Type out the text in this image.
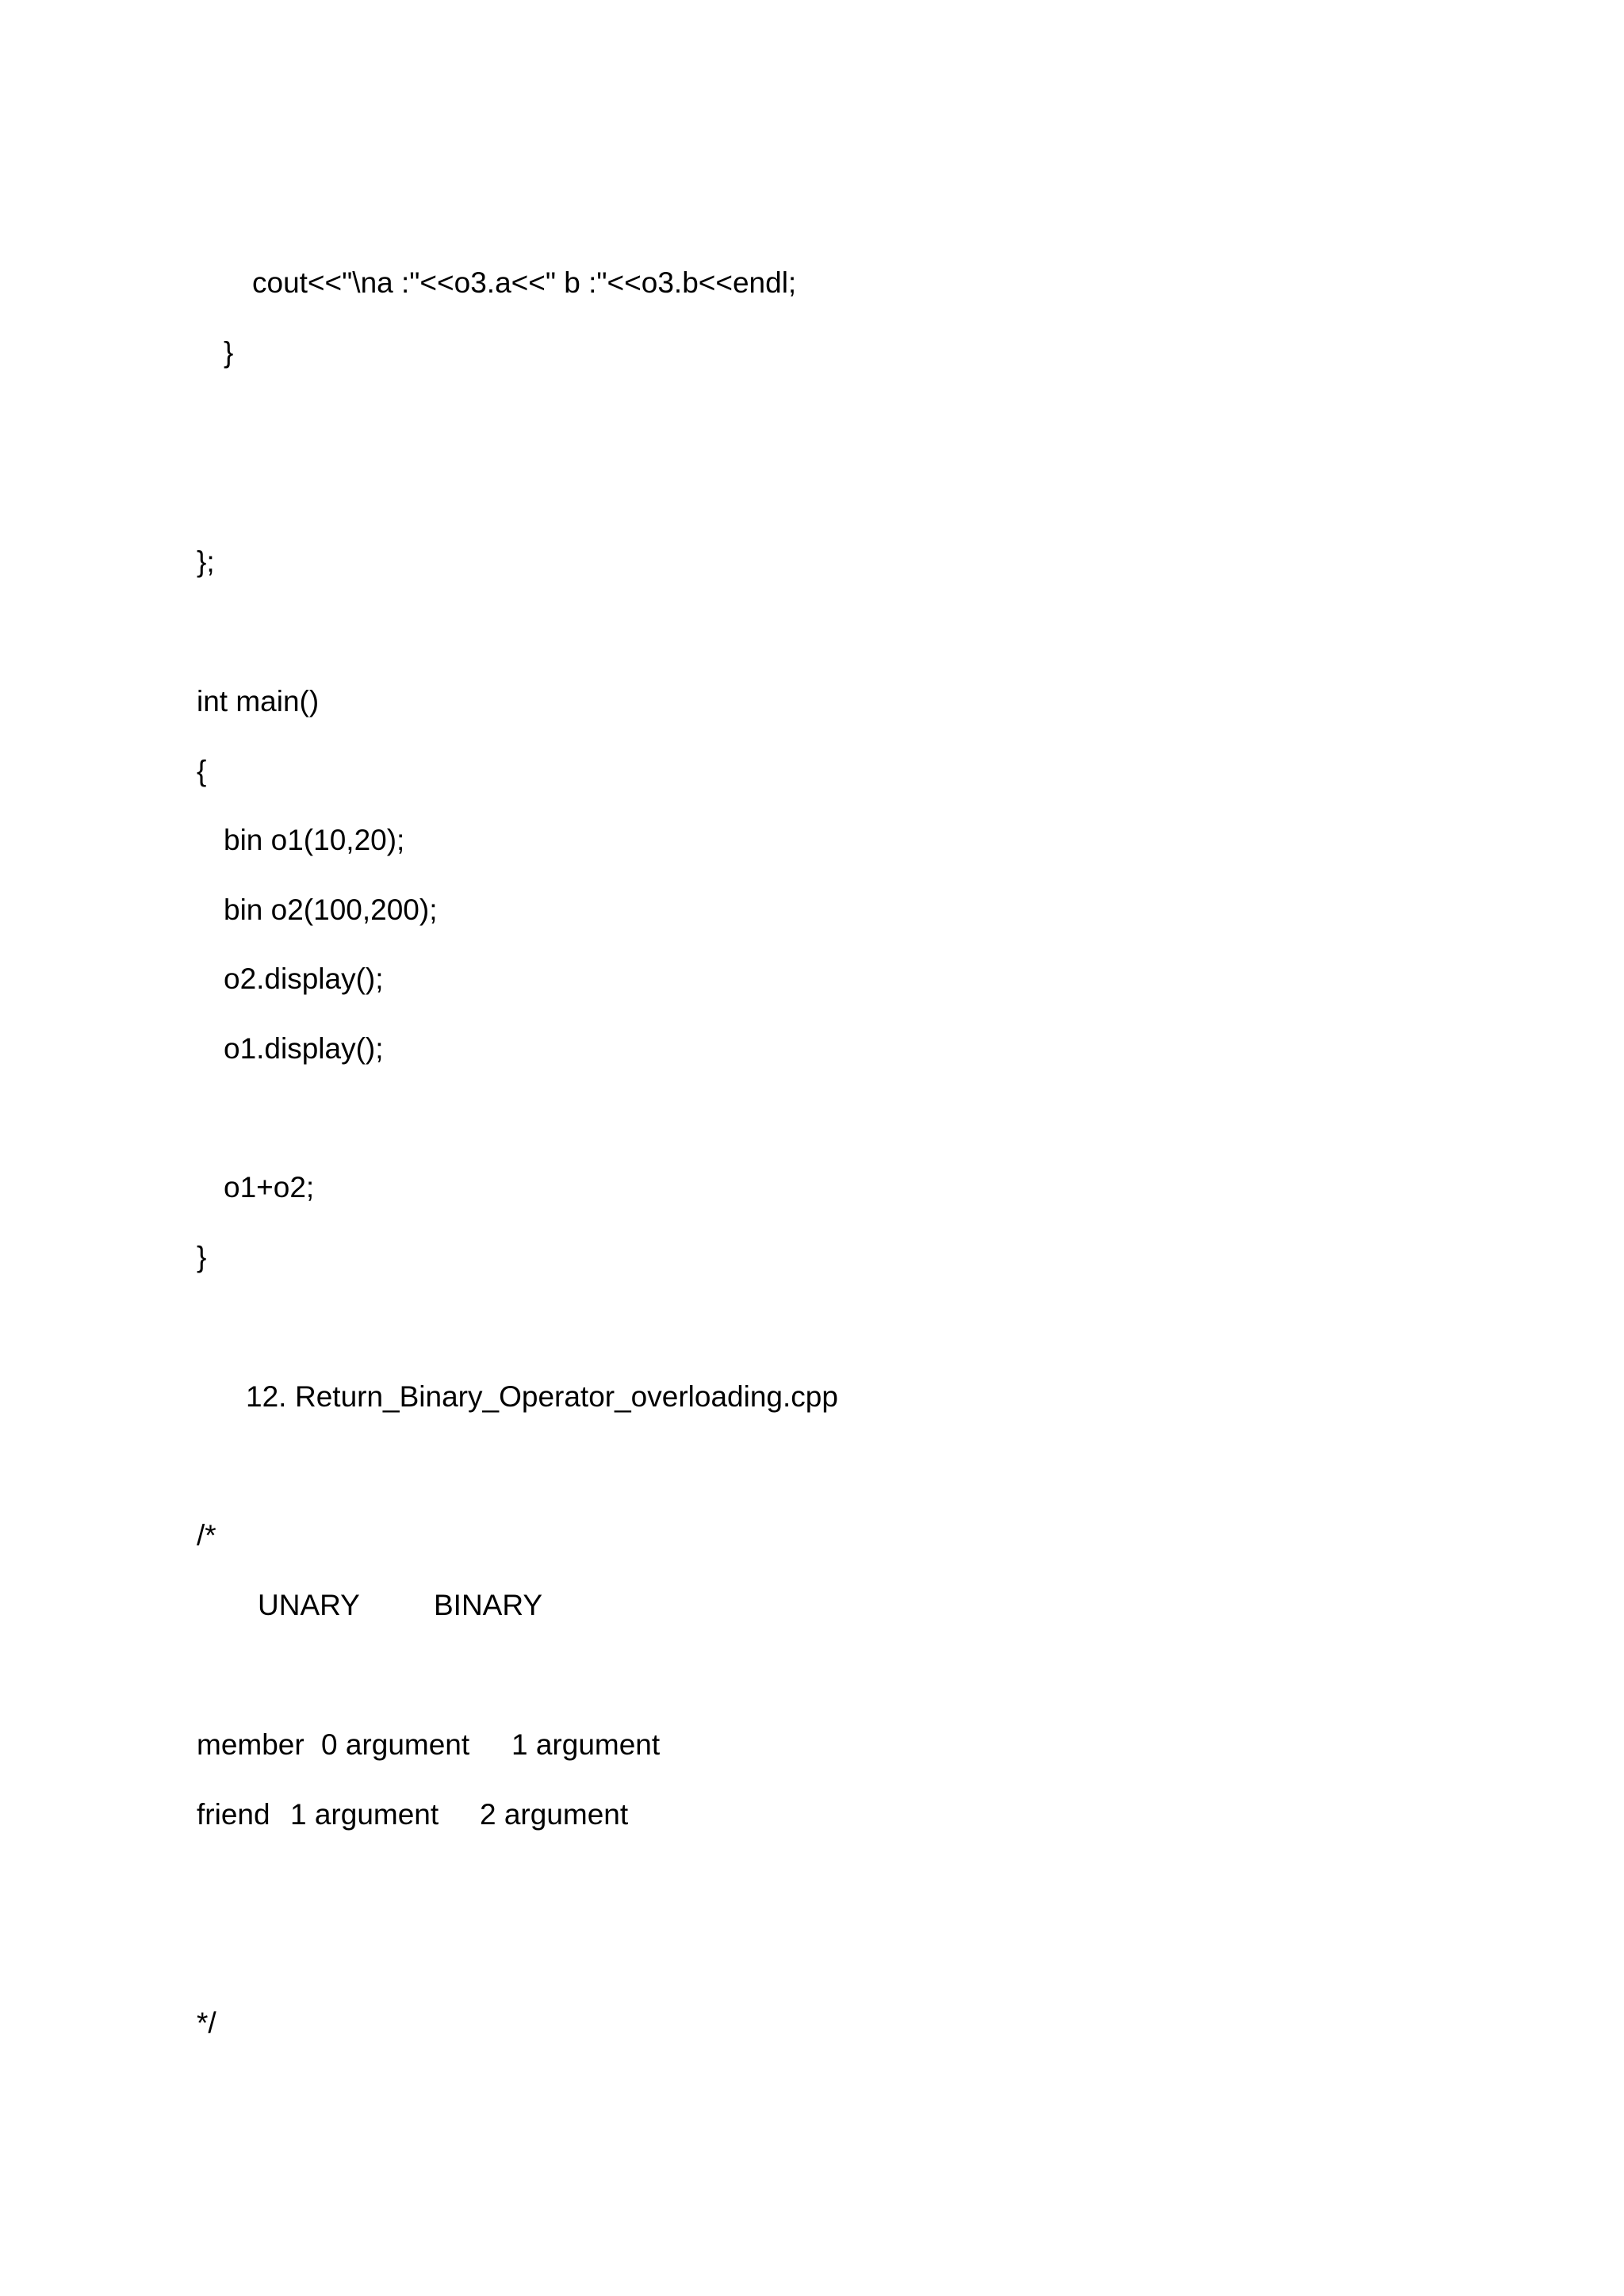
cout<<"\na :"<<o3.a<<" b :"<<o3.b<<endl;
}
};
int main()
{
bin o1(10,20);
bin o2(100,200);
o2.display();
o1.display();
o1+o2;
}
12. Return_Binary_Operator_overloading.cpp
/*
UNARY	BINARY
member 0 argument 1 argument
friend 1 argument 2 argument
*/
